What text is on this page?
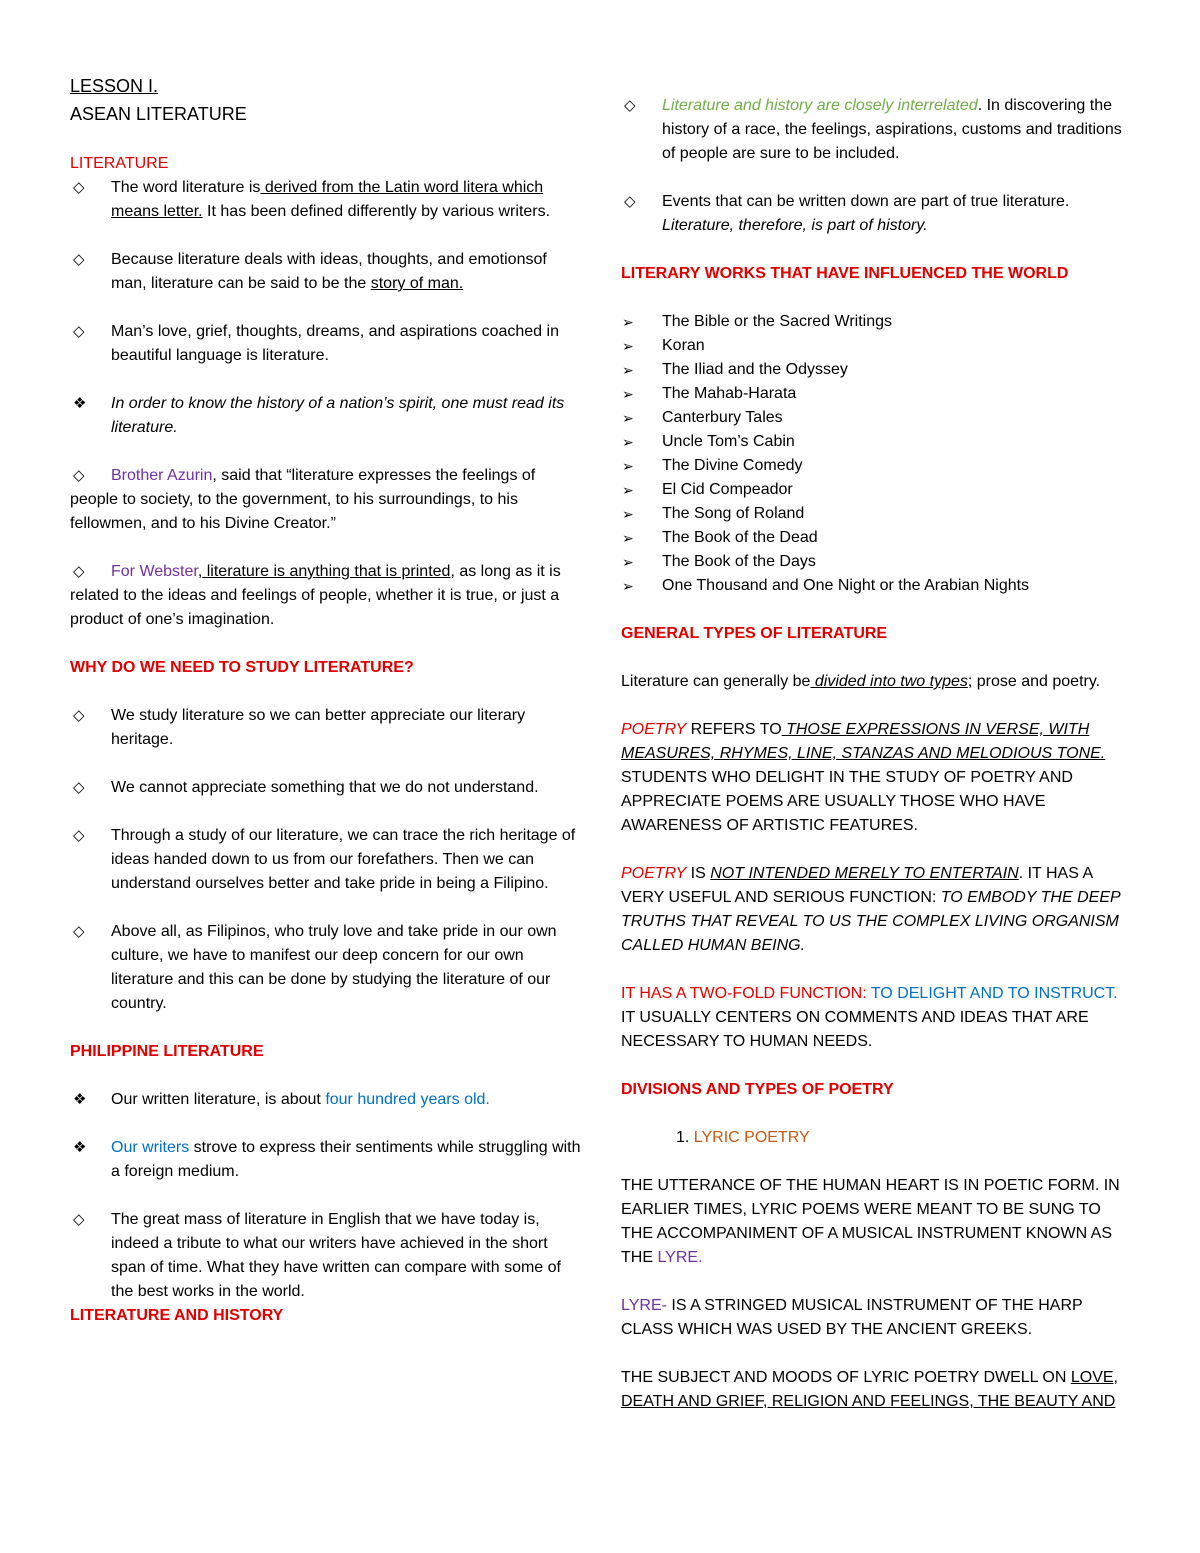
LESSON I.
ASEAN LITERATURE
LITERATURE
◇ The word literature is derived from the Latin word litera which means letter. It has been defined differently by various writers.
◇ Because literature deals with ideas, thoughts, and emotionsof man, literature can be said to be the story of man.
◇ Man’s love, grief, thoughts, dreams, and aspirations coached in beautiful language is literature.
❖ In order to know the history of a nation’s spirit, one must read its literature.
◇ Brother Azurin, said that “literature expresses the feelings of people to society, to the government, to his surroundings, to his fellowmen, and to his Divine Creator.”
◇ For Webster, literature is anything that is printed, as long as it is related to the ideas and feelings of people, whether it is true, or just a product of one’s imagination.
WHY DO WE NEED TO STUDY LITERATURE?
◇ We study literature so we can better appreciate our literary heritage.
◇ We cannot appreciate something that we do not understand.
◇ Through a study of our literature, we can trace the rich heritage of ideas handed down to us from our forefathers. Then we can understand ourselves better and take pride in being a Filipino.
◇ Above all, as Filipinos, who truly love and take pride in our own culture, we have to manifest our deep concern for our own literature and this can be done by studying the literature of our country.
PHILIPPINE LITERATURE
❖ Our written literature, is about four hundred years old.
❖ Our writers strove to express their sentiments while struggling with a foreign medium.
◇ The great mass of literature in English that we have today is, indeed a tribute to what our writers have achieved in the short span of time. What they have written can compare with some of the best works in the world.
LITERATURE AND HISTORY
◇ Literature and history are closely interrelated. In discovering the history of a race, the feelings, aspirations, customs and traditions of people are sure to be included.
◇ Events that can be written down are part of true literature. Literature, therefore, is part of history.
LITERARY WORKS THAT HAVE INFLUENCED THE WORLD
➢ The Bible or the Sacred Writings
➢ Koran
➢ The Iliad and the Odyssey
➢ The Mahab-Harata
➢ Canterbury Tales
➢ Uncle Tom’s Cabin
➢ The Divine Comedy
➢ El Cid Compeador
➢ The Song of Roland
➢ The Book of the Dead
➢ The Book of the Days
➢ One Thousand and One Night or the Arabian Nights
GENERAL TYPES OF LITERATURE
Literature can generally be divided into two types; prose and poetry.
POETRY REFERS TO THOSE EXPRESSIONS IN VERSE, WITH MEASURES, RHYMES, LINE, STANZAS AND MELODIOUS TONE. STUDENTS WHO DELIGHT IN THE STUDY OF POETRY AND APPRECIATE POEMS ARE USUALLY THOSE WHO HAVE AWARENESS OF ARTISTIC FEATURES.
POETRY IS NOT INTENDED MERELY TO ENTERTAIN. IT HAS A VERY USEFUL AND SERIOUS FUNCTION: TO EMBODY THE DEEP TRUTHS THAT REVEAL TO US THE COMPLEX LIVING ORGANISM CALLED HUMAN BEING.
IT HAS A TWO-FOLD FUNCTION: TO DELIGHT AND TO INSTRUCT. IT USUALLY CENTERS ON COMMENTS AND IDEAS THAT ARE NECESSARY TO HUMAN NEEDS.
DIVISIONS AND TYPES OF POETRY
1. LYRIC POETRY
THE UTTERANCE OF THE HUMAN HEART IS IN POETIC FORM. IN EARLIER TIMES, LYRIC POEMS WERE MEANT TO BE SUNG TO THE ACCOMPANIMENT OF A MUSICAL INSTRUMENT KNOWN AS THE LYRE.
LYRE- IS A STRINGED MUSICAL INSTRUMENT OF THE HARP CLASS WHICH WAS USED BY THE ANCIENT GREEKS.
THE SUBJECT AND MOODS OF LYRIC POETRY DWELL ON LOVE, DEATH AND GRIEF, RELIGION AND FEELINGS, THE BEAUTY AND
